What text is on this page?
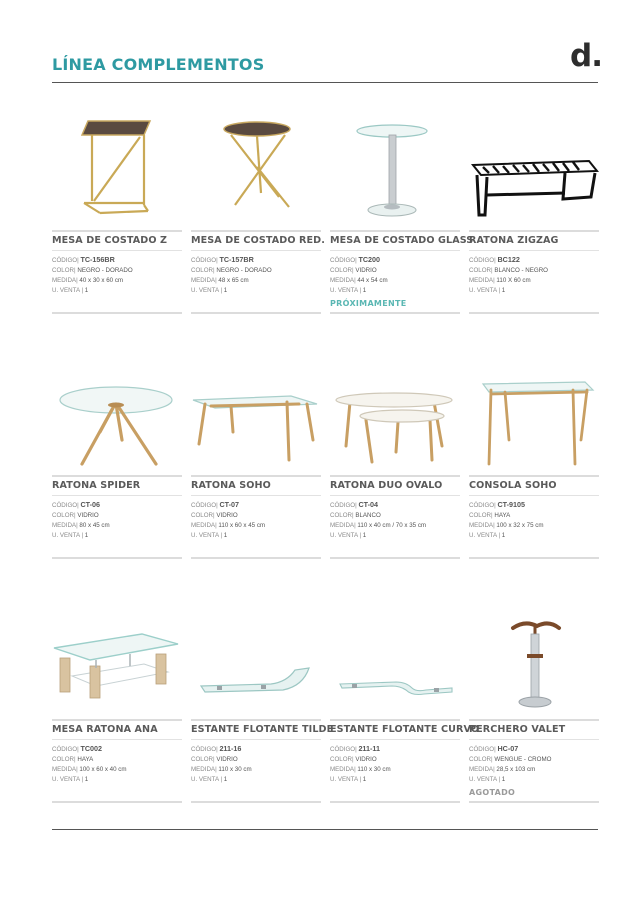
LÍNEA COMPLEMENTOS	d.
MESA DE COSTADO Z
CÓDIGO| TC-156BR
COLOR| NEGRO - DORADO
MEDIDA| 40 x 30 x 60 cm
U. VENTA | 1
MESA DE COSTADO RED.
CÓDIGO| TC-157BR
COLOR| NEGRO - DORADO
MEDIDA| 48 x 65 cm
U. VENTA | 1
MESA DE COSTADO GLASS
CÓDIGO| TC200
COLOR| VIDRIO
MEDIDA| 44 x 54 cm
U. VENTA | 1
PRÓXIMAMENTE
RATONA ZIGZAG
CÓDIGO| BC122
COLOR| BLANCO - NEGRO
MEDIDA| 110 X 60 cm
U. VENTA | 1
RATONA SPIDER
CÓDIGO| CT-06
COLOR| VIDRIO
MEDIDA| 80 x 45 cm
U. VENTA | 1
RATONA SOHO
CÓDIGO| CT-07
COLOR| VIDRIO
MEDIDA| 110 x 60 x 45 cm
U. VENTA | 1
RATONA DUO OVALO
CÓDIGO| CT-04
COLOR| BLANCO
MEDIDA| 110 x 40 cm / 70 x 35 cm
U. VENTA | 1
CONSOLA SOHO
CÓDIGO| CT-9105
COLOR| HAYA
MEDIDA| 100 x 32 x 75 cm
U. VENTA | 1
MESA RATONA ANA
CÓDIGO| TC002
COLOR| HAYA
MEDIDA| 100 x 60 x 40 cm
U. VENTA | 1
ESTANTE FLOTANTE TILDE
CÓDIGO| 211-16
COLOR| VIDRIO
MEDIDA| 110 x 30 cm
U. VENTA | 1
ESTANTE FLOTANTE CURVO
CÓDIGO| 211-11
COLOR| VIDRIO
MEDIDA| 110 x 30 cm
U. VENTA | 1
PERCHERO VALET
CÓDIGO| HC-07
COLOR| WENGUE - CROMO
MEDIDA| 28,5 x 103 cm
U. VENTA | 1
AGOTADO
